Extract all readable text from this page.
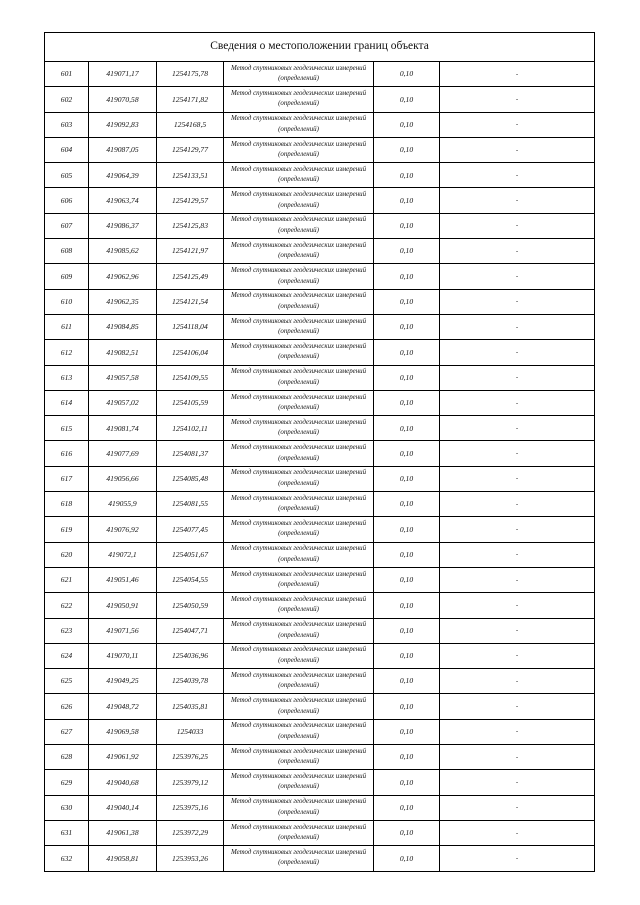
Сведения о местоположении границ объекта					
601	419071,17	1254175,78	Метод спутниковых геодезических измерений (определений)	0,10	-
602	419070,58	1254171,82	Метод спутниковых геодезических измерений (определений)	0,10	-
603	419092,83	1254168,5	Метод спутниковых геодезических измерений (определений)	0,10	-
604	419087,05	1254129,77	Метод спутниковых геодезических измерений (определений)	0,10	-
605	419064,39	1254133,51	Метод спутниковых геодезических измерений (определений)	0,10	-
606	419063,74	1254129,57	Метод спутниковых геодезических измерений (определений)	0,10	-
607	419086,37	1254125,83	Метод спутниковых геодезических измерений (определений)	0,10	-
608	419085,62	1254121,97	Метод спутниковых геодезических измерений (определений)	0,10	-
609	419062,96	1254125,49	Метод спутниковых геодезических измерений (определений)	0,10	-
610	419062,35	1254121,54	Метод спутниковых геодезических измерений (определений)	0,10	-
611	419084,85	1254118,04	Метод спутниковых геодезических измерений (определений)	0,10	-
612	419082,51	1254106,04	Метод спутниковых геодезических измерений (определений)	0,10	-
613	419057,58	1254109,55	Метод спутниковых геодезических измерений (определений)	0,10	-
614	419057,02	1254105,59	Метод спутниковых геодезических измерений (определений)	0,10	-
615	419081,74	1254102,11	Метод спутниковых геодезических измерений (определений)	0,10	-
616	419077,69	1254081,37	Метод спутниковых геодезических измерений (определений)	0,10	-
617	419056,66	1254085,48	Метод спутниковых геодезических измерений (определений)	0,10	-
618	419055,9	1254081,55	Метод спутниковых геодезических измерений (определений)	0,10	-
619	419076,92	1254077,45	Метод спутниковых геодезических измерений (определений)	0,10	-
620	419072,1	1254051,67	Метод спутниковых геодезических измерений (определений)	0,10	-
621	419051,46	1254054,55	Метод спутниковых геодезических измерений (определений)	0,10	-
622	419050,91	1254050,59	Метод спутниковых геодезических измерений (определений)	0,10	-
623	419071,56	1254047,71	Метод спутниковых геодезических измерений (определений)	0,10	-
624	419070,11	1254036,96	Метод спутниковых геодезических измерений (определений)	0,10	-
625	419049,25	1254039,78	Метод спутниковых геодезических измерений (определений)	0,10	-
626	419048,72	1254035,81	Метод спутниковых геодезических измерений (определений)	0,10	-
627	419069,58	1254033	Метод спутниковых геодезических измерений (определений)	0,10	-
628	419061,92	1253976,25	Метод спутниковых геодезических измерений (определений)	0,10	-
629	419040,68	1253979,12	Метод спутниковых геодезических измерений (определений)	0,10	-
630	419040,14	1253975,16	Метод спутниковых геодезических измерений (определений)	0,10	-
631	419061,38	1253972,29	Метод спутниковых геодезических измерений (определений)	0,10	-
632	419058,81	1253953,26	Метод спутниковых геодезических измерений (определений)	0,10	-
